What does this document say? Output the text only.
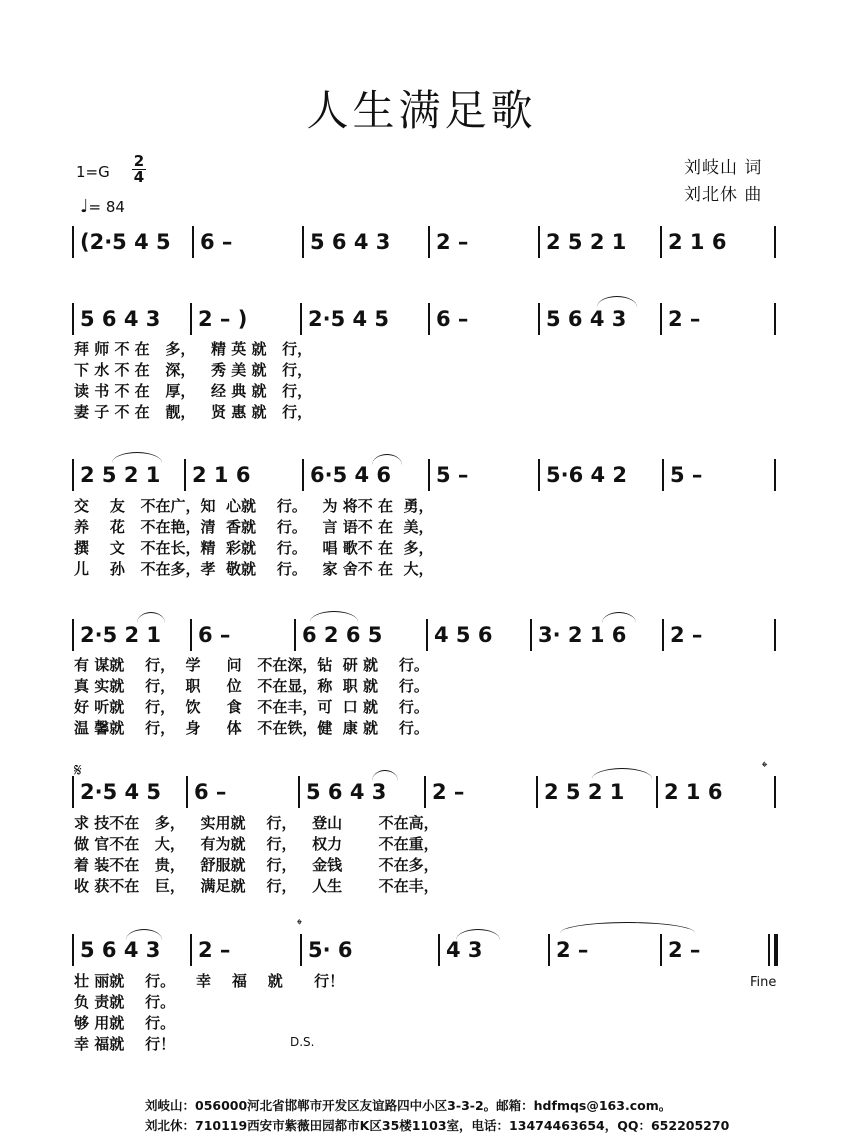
人生满足歌
1=G
2
4
♩= 84
刘岐山 词
刘北休 曲
(2·5 4 5 6 –	5 6 4 3 2 –	2 5 2 1 2 1 6
5 6 4 3 2 – )	2·5 4 5 6 –	5 6 4 3 2 –
拜 师 不 在   多，   精 英 就   行，
下 水 不 在   深，   秀 美 就   行，
读 书 不 在   厚，   经 典 就   行，
妻 子 不 在   靓，   贤 惠 就   行，
2 5 2 1 2 1 6	6·5 4 6 5 –	5·6 4 2 5 –
交    友   不在广，知  心就    行。   为 将不 在  勇，
养    花   不在艳，清  香就    行。   言 语不 在  美，
撰    文   不在长，精  彩就    行。   唱 歌不 在  多，
儿    孙   不在多，孝  敬就    行。   家 舍不 在  大，
2·5 2 1 6 –	6 2 6 5 4 5 6 3· 2 1 6 2 –
有 谋就    行，  学     问   不在深，钻  研 就    行。
真 实就    行，  职     位   不在显，称  职 就    行。
好 听就    行，  饮     食   不在丰，可  口 就    行。
温 馨就    行，  身     体   不在铁，健  康 就    行。
2·5 4 5 6 –	5 6 4 3 2 –	2 5 2 1 2 1 6
求 技不在   多，   实用就    行，   登山       不在高，
做 官不在   大，   有为就    行，   权力       不在重，
着 装不在   贵，   舒服就    行，   金钱       不在多，
收 获不在   巨，   满足就    行，   人生       不在丰，
5 6 4 3 2 –	5· 6	4 3	2 –	2 –
壮 丽就    行。    幸    福    就      行！
负 责就    行。
够 用就    行。
幸 福就    行！
𝄋	𝄌
𝄌
D.S.
Fine
刘岐山：056000河北省邯郸市开发区友谊路四中小区3-3-2。邮箱：hdfmqs@163.com。
刘北休：710119西安市紫薇田园都市K区35楼1103室，电话：13474463654，QQ：652205270
